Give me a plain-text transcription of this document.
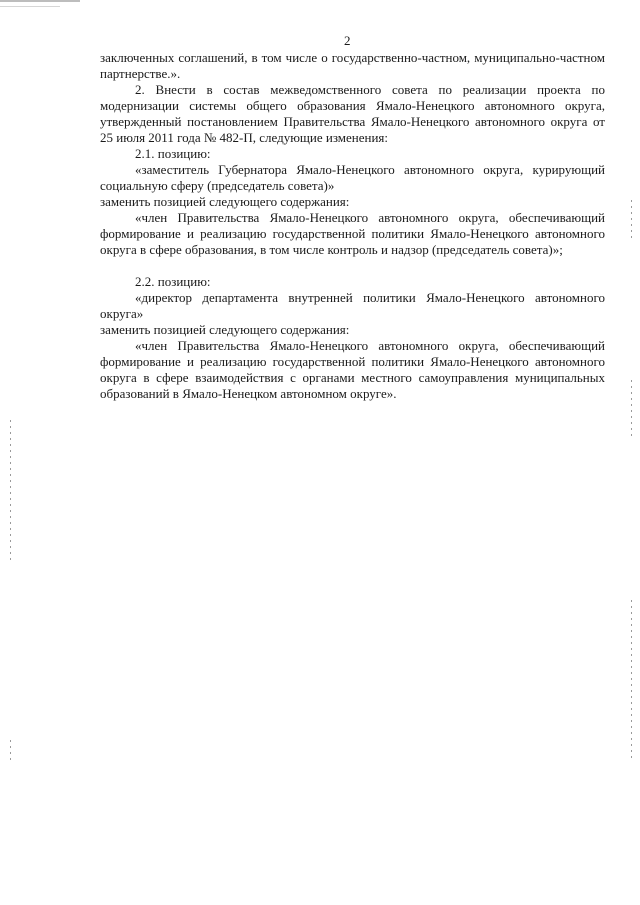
2

заключенных соглашений, в том числе о государственно-частном, муниципально-частном партнерстве.».

2. Внести в состав межведомственного совета по реализации проекта по модернизации системы общего образования Ямало-Ненецкого автономного округа, утвержденный постановлением Правительства Ямало-Ненецкого автономного округа от 25 июля 2011 года № 482-П, следующие изменения:

2.1. позицию:

«заместитель Губернатора Ямало-Ненецкого автономного округа, курирующий социальную сферу (председатель совета)»

заменить позицией следующего содержания:

«член Правительства Ямало-Ненецкого автономного округа, обеспечивающий формирование и реализацию государственной политики Ямало-Ненецкого автономного округа в сфере образования, в том числе контроль и надзор (председатель совета)»;

2.2. позицию:

«директор департамента внутренней политики Ямало-Ненецкого автономного округа»

заменить позицией следующего содержания:

«член Правительства Ямало-Ненецкого автономного округа, обеспечивающий формирование и реализацию государственной политики Ямало-Ненецкого автономного округа в сфере взаимодействия с органами местного самоуправления муниципальных образований в Ямало-Ненецком автономном округе».
